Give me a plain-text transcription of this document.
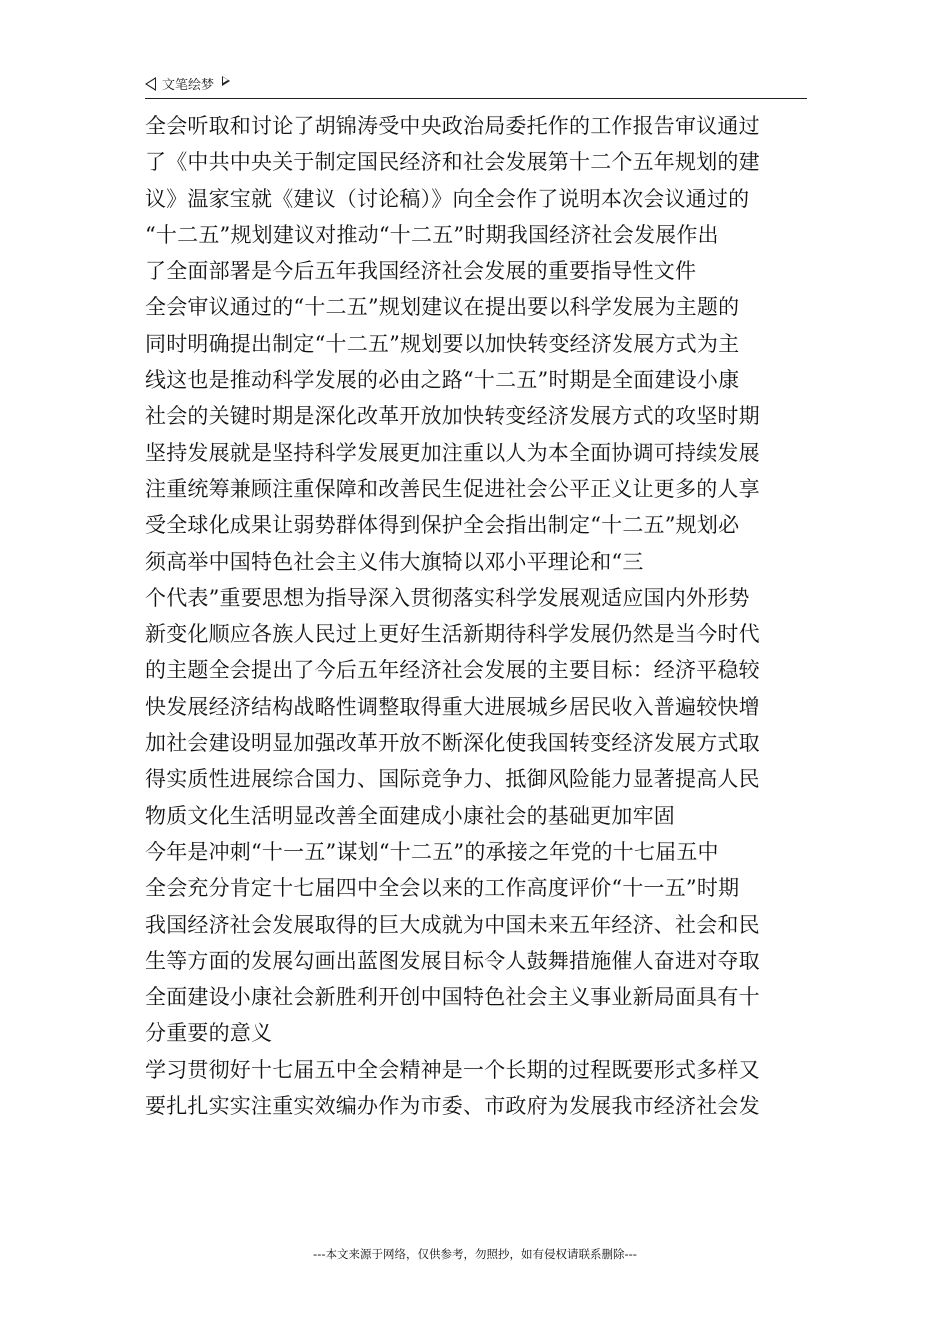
文笔绘梦
全会听取和讨论了胡锦涛受中央政治局委托作的工作报告审议通过
了《中共中央关于制定国民经济和社会发展第十二个五年规划的建
议》温家宝就《建议（讨论稿）》向全会作了说明本次会议通过的
“十二五”规划建议对推动“十二五”时期我国经济社会发展作出
了全面部署是今后五年我国经济社会发展的重要指导性文件
全会审议通过的“十二五”规划建议在提出要以科学发展为主题的
同时明确提出制定“十二五”规划要以加快转变经济发展方式为主
线这也是推动科学发展的必由之路“十二五”时期是全面建设小康
社会的关键时期是深化改革开放加快转变经济发展方式的攻坚时期
坚持发展就是坚持科学发展更加注重以人为本全面协调可持续发展
注重统筹兼顾注重保障和改善民生促进社会公平正义让更多的人享
受全球化成果让弱势群体得到保护全会指出制定“十二五”规划必
须高举中国特色社会主义伟大旗犄以邓小平理论和“三
个代表”重要思想为指导深入贯彻落实科学发展观适应国内外形势
新变化顺应各族人民过上更好生活新期待科学发展仍然是当今时代
的主题全会提出了今后五年经济社会发展的主要目标：经济平稳较
快发展经济结构战略性调整取得重大进展城乡居民收入普遍较快增
加社会建设明显加强改革开放不断深化使我国转变经济发展方式取
得实质性进展综合国力、国际竞争力、抵御风险能力显著提高人民
物质文化生活明显改善全面建成小康社会的基础更加牢固
今年是冲刺“十一五”谋划“十二五”的承接之年党的十七届五中
全会充分肯定十七届四中全会以来的工作高度评价“十一五”时期
我国经济社会发展取得的巨大成就为中国未来五年经济、社会和民
生等方面的发展勾画出蓝图发展目标令人鼓舞措施催人奋进对夺取
全面建设小康社会新胜利开创中国特色社会主义事业新局面具有十
分重要的意义
学习贯彻好十七届五中全会精神是一个长期的过程既要形式多样又
要扎扎实实注重实效编办作为市委、市政府为发展我市经济社会发
---本文来源于网络，仅供参考，勿照抄，如有侵权请联系删除---
